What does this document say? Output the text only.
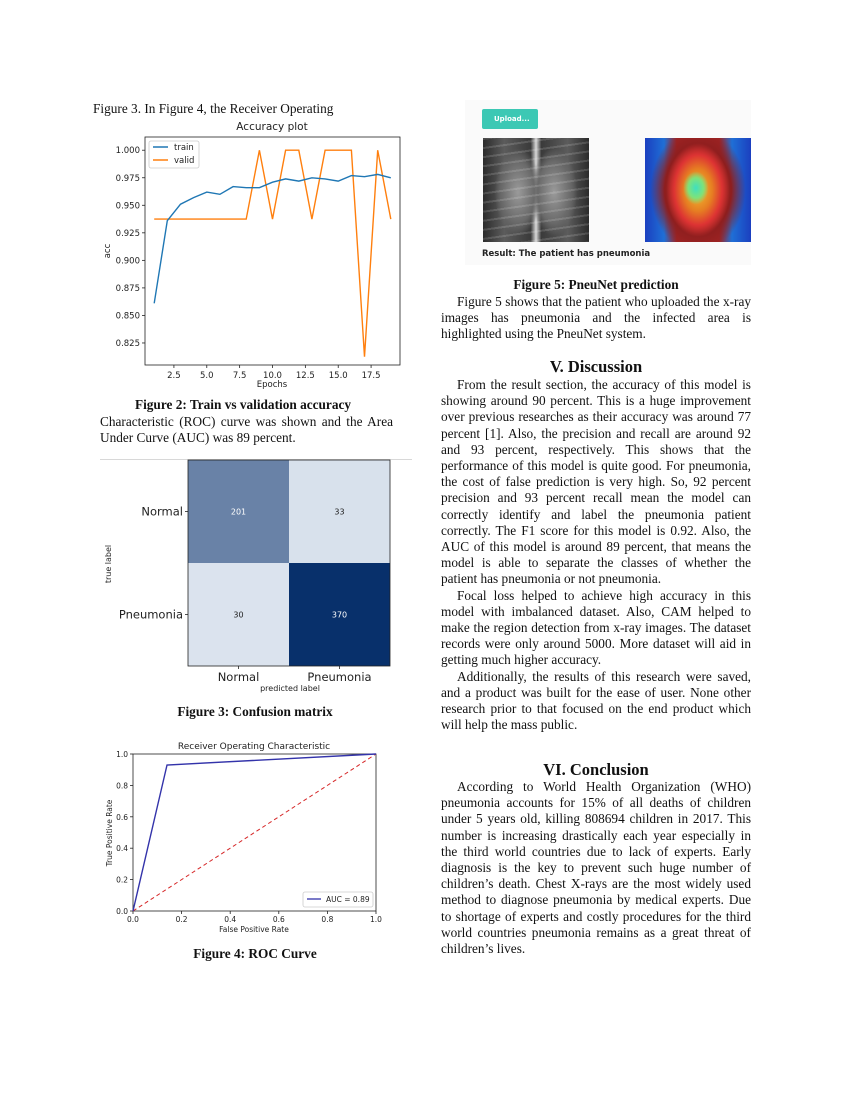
Figure 3. In Figure 4, the Receiver Operating
Accuracy plot
0.825
0.850
0.875
0.900
0.925
0.950
0.975
1.000
2.5 5.0 7.5 10.0 12.5 15.0 17.5
train
valid
Epochs
acc
Figure 2: Train vs validation accuracy
Characteristic (ROC) curve was shown and the Area Under Curve (AUC) was 89 percent.
201	33
30	370
Normal
Pneumonia
Normal	Pneumonia
predicted label
true label
Figure 3: Confusion matrix
Receiver Operating Characteristic
0.0
0.2
0.4
0.6
0.8
1.0
0.0	0.2	0.4	0.6	0.8	1.0
AUC = 0.89
False Positive Rate
True Positive Rate
Figure 4: ROC Curve
Upload...
Result: The patient has pneumonia
Figure 5: PneuNet prediction
Figure 5 shows that the patient who uploaded the x-ray images has pneumonia and the infected area is highlighted using the PneuNet system.
V. Discussion

From the result section, the accuracy of this model is showing around 90 percent. This is a huge improvement over previous researches as their accuracy was around 77 percent [1]. Also, the precision and recall are around 92 and 93 percent, respectively. This shows that the performance of this model is quite good. For pneumonia, the cost of false prediction is very high. So, 92 percent precision and 93 percent recall mean the model can correctly identify and label the pneumonia patient correctly. The F1 score for this model is 0.92. Also, the AUC of this model is around 89 percent, that means the model is able to separate the classes of whether the patient has pneumonia or not pneumonia.

Focal loss helped to achieve high accuracy in this model with imbalanced dataset. Also, CAM helped to make the region detection from x-ray images. The dataset records were only around 5000. More dataset will aid in getting much higher accuracy.

Additionally, the results of this research were saved, and a product was built for the ease of user. None other research prior to that focused on the end product which will help the mass public.

VI. Conclusion
According to World Health Organization (WHO) pneumonia accounts for 15% of all deaths of children under 5 years old, killing 808694 children in 2017. This number is increasing drastically each year especially in the third world countries due to lack of experts. Early diagnosis is the key to prevent such huge number of children’s death. Chest X-rays are the most widely used method to diagnose pneumonia by medical experts. Due to shortage of experts and costly procedures for the third world countries pneumonia remains as a great threat of children’s lives.
